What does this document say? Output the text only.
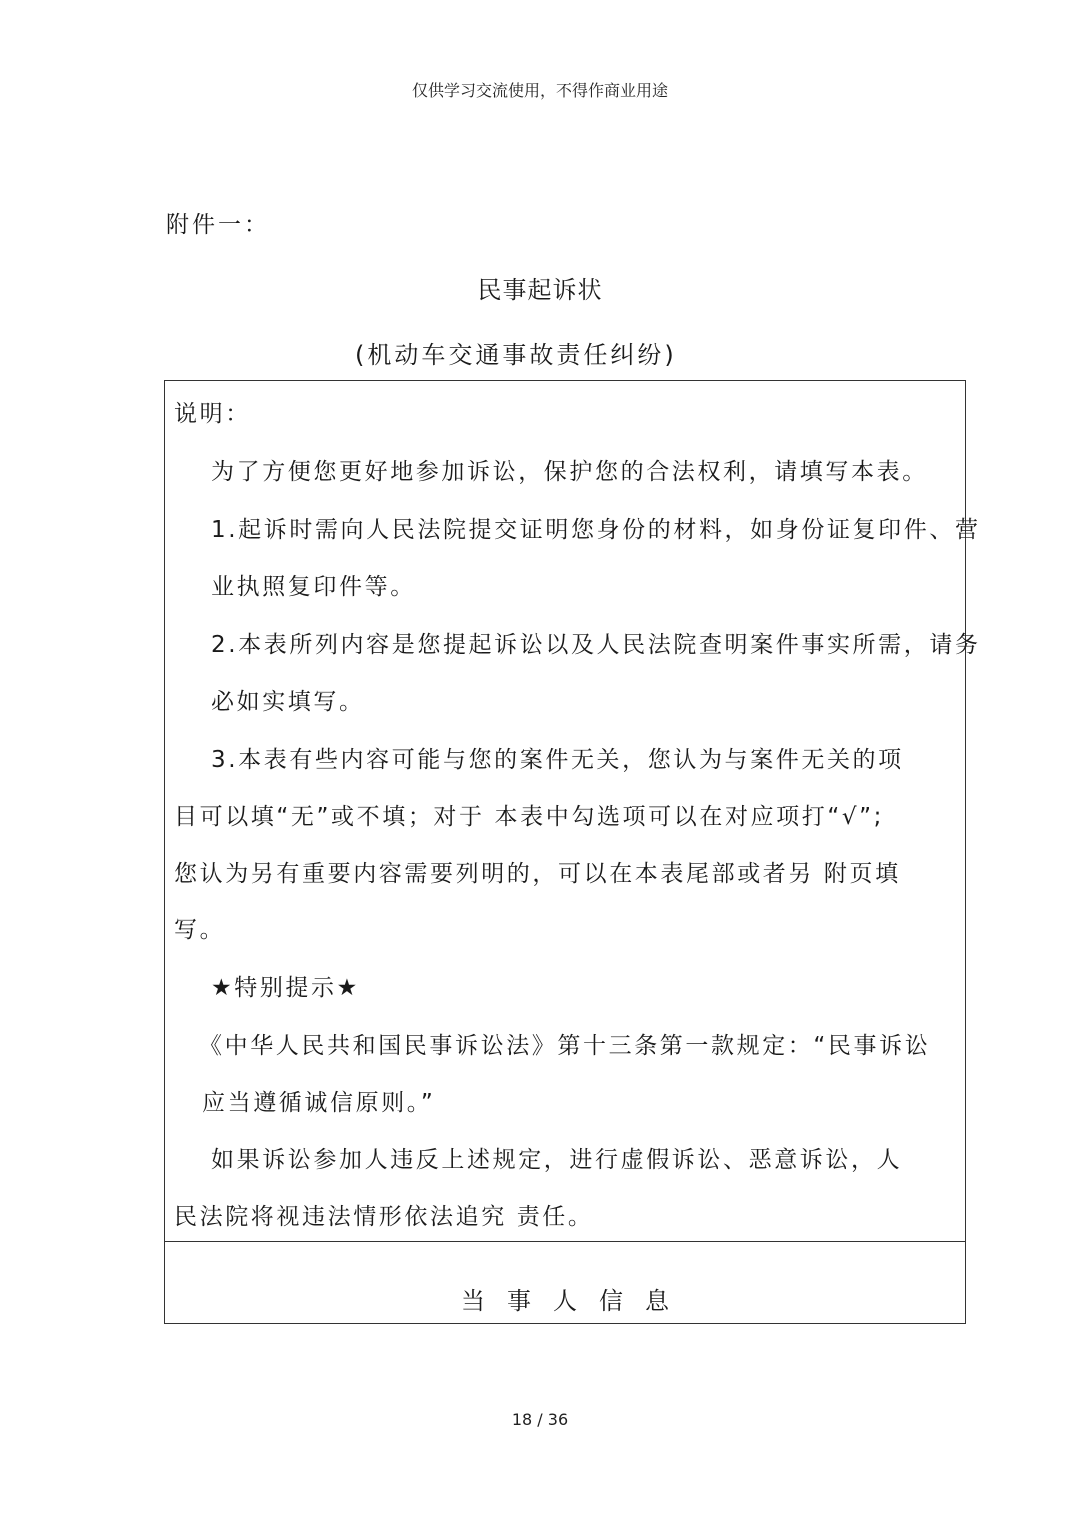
仅供学习交流使用，不得作商业用途
附件一：
民事起诉状
(机动车交通事故责任纠纷)
说明：
为了方便您更好地参加诉讼，保护您的合法权利，请填写本表。
1.起诉时需向人民法院提交证明您身份的材料，如身份证复印件、营
业执照复印件等。
2.本表所列内容是您提起诉讼以及人民法院查明案件事实所需，请务
必如实填写。
3.本表有些内容可能与您的案件无关，您认为与案件无关的项
目可以填“无”或不填；对于 本表中勾选项可以在对应项打“√”;
您认为另有重要内容需要列明的，可以在本表尾部或者另 附页填
写。
★特别提示★
《中华人民共和国民事诉讼法》第十三条第一款规定：“民事诉讼
应当遵循诚信原则。”
如果诉讼参加人违反上述规定，进行虚假诉讼、恶意诉讼，人
民法院将视违法情形依法追究 责任。
当事人信息
18 / 36
